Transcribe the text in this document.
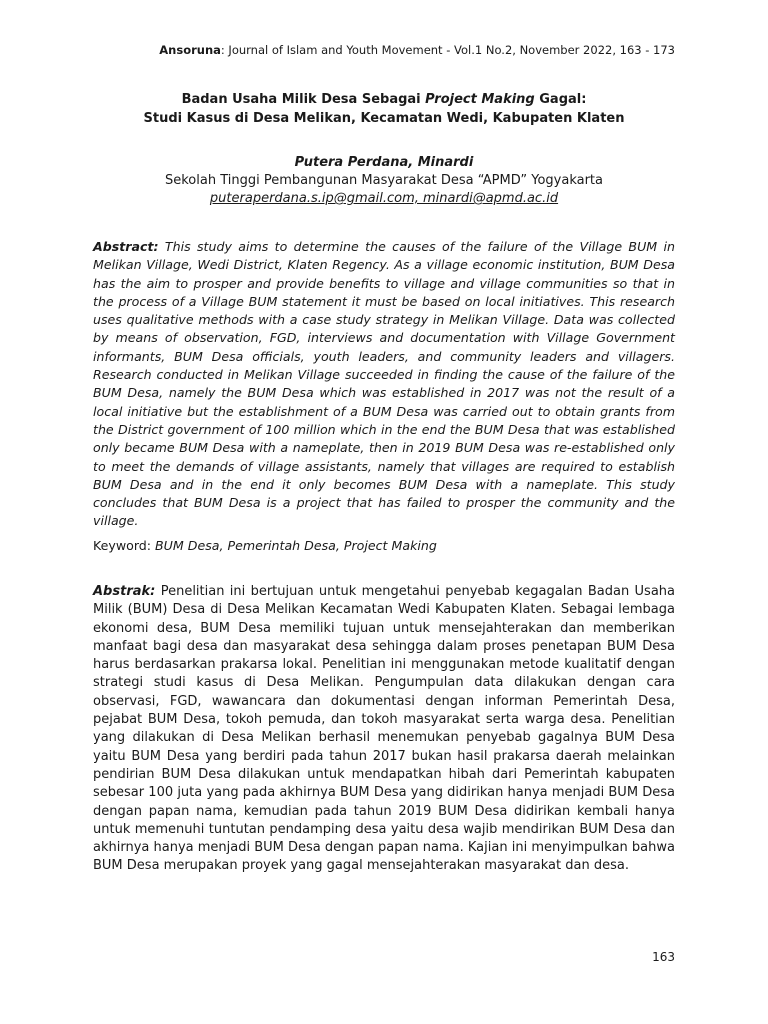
Ansoruna: Journal of Islam and Youth Movement - Vol.1 No.2, November 2022, 163 - 173
Badan Usaha Milik Desa Sebagai Project Making Gagal:
Studi Kasus di Desa Melikan, Kecamatan Wedi, Kabupaten Klaten
Putera Perdana, Minardi
Sekolah Tinggi Pembangunan Masyarakat Desa “APMD” Yogyakarta
puteraperdana.s.ip@gmail.com, minardi@apmd.ac.id
Abstract: This study aims to determine the causes of the failure of the Village BUM in Melikan Village, Wedi District, Klaten Regency. As a village economic institution, BUM Desa has the aim to prosper and provide benefits to village and village communities so that in the process of a Village BUM statement it must be based on local initiatives. This research uses qualitative methods with a case study strategy in Melikan Village. Data was collected by means of observation, FGD, interviews and documentation with Village Government informants, BUM Desa officials, youth leaders, and community leaders and villagers. Research conducted in Melikan Village succeeded in finding the cause of the failure of the BUM Desa, namely the BUM Desa which was established in 2017 was not the result of a local initiative but the establishment of a BUM Desa was carried out to obtain grants from the District government of 100 million which in the end the BUM Desa that was established only became BUM Desa with a nameplate, then in 2019 BUM Desa was re-established only to meet the demands of village assistants, namely that villages are required to establish BUM Desa and in the end it only becomes BUM Desa with a nameplate. This study concludes that BUM Desa is a project that has failed to prosper the community and the village.
Keyword: BUM Desa, Pemerintah Desa, Project Making
Abstrak: Penelitian ini bertujuan untuk mengetahui penyebab kegagalan Badan Usaha Milik (BUM) Desa di Desa Melikan Kecamatan Wedi Kabupaten Klaten. Sebagai lembaga ekonomi desa, BUM Desa memiliki tujuan untuk mensejahterakan dan memberikan manfaat bagi desa dan masyarakat desa sehingga dalam proses penetapan BUM Desa harus berdasarkan prakarsa lokal. Penelitian ini menggunakan metode kualitatif dengan strategi studi kasus di Desa Melikan. Pengumpulan data dilakukan dengan cara observasi, FGD, wawancara dan dokumentasi dengan informan Pemerintah Desa, pejabat BUM Desa, tokoh pemuda, dan tokoh masyarakat serta warga desa. Penelitian yang dilakukan di Desa Melikan berhasil menemukan penyebab gagalnya BUM Desa yaitu BUM Desa yang berdiri pada tahun 2017 bukan hasil prakarsa daerah melainkan pendirian BUM Desa dilakukan untuk mendapatkan hibah dari Pemerintah kabupaten sebesar 100 juta yang pada akhirnya BUM Desa yang didirikan hanya menjadi BUM Desa dengan papan nama, kemudian pada tahun 2019 BUM Desa didirikan kembali hanya untuk memenuhi tuntutan pendamping desa yaitu desa wajib mendirikan BUM Desa dan akhirnya hanya menjadi BUM Desa dengan papan nama. Kajian ini menyimpulkan bahwa BUM Desa merupakan proyek yang gagal mensejahterakan masyarakat dan desa.
163
